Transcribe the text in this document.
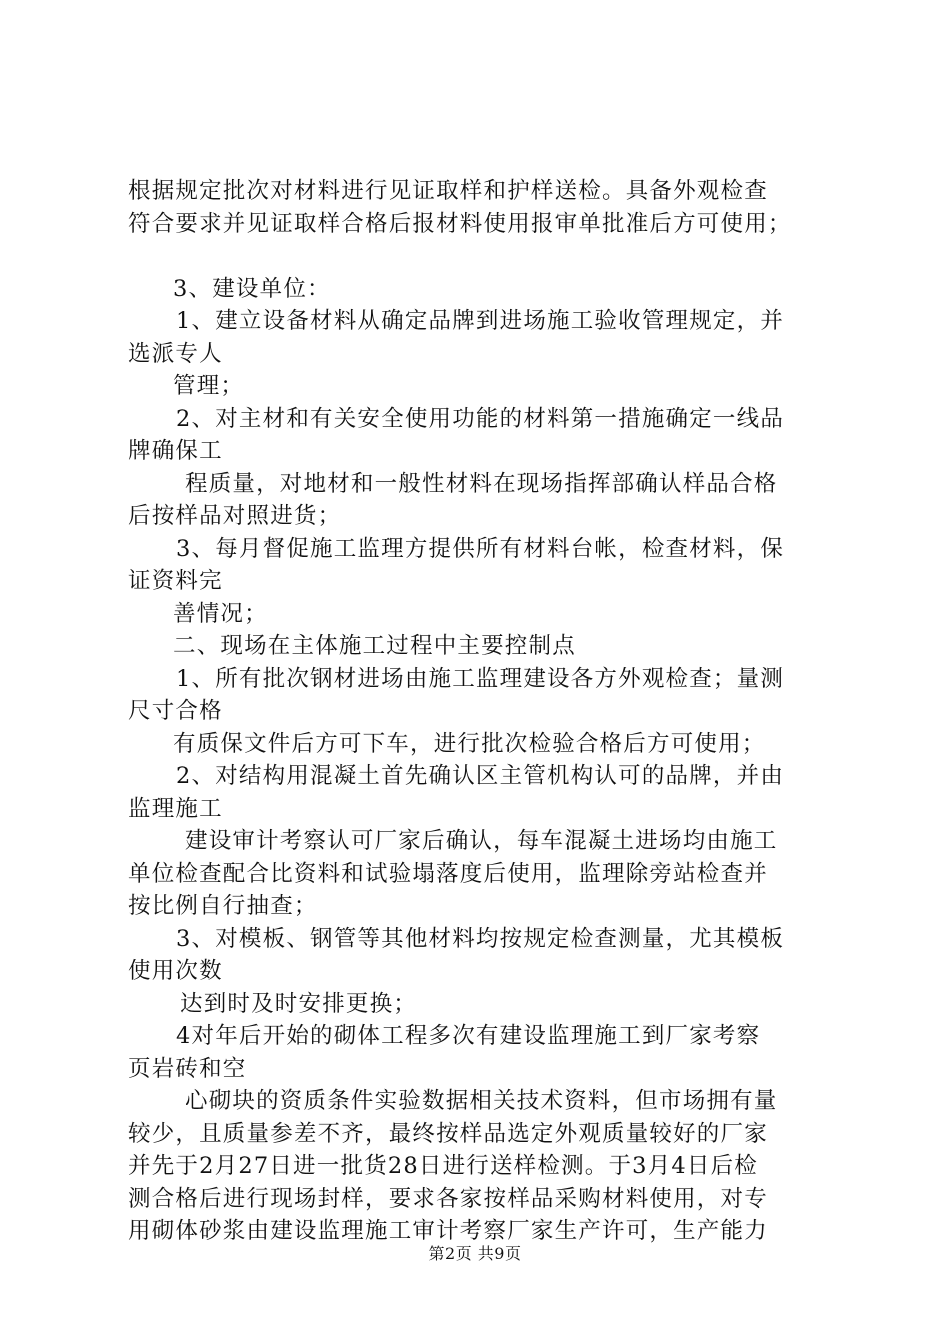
根据规定批次对材料进行见证取样和护样送检。具备外观检查
符合要求并见证取样合格后报材料使用报审单批准后方可使用；
3、建设单位：
1、建立设备材料从确定品牌到进场施工验收管理规定，并
选派专人
管理；
2、对主材和有关安全使用功能的材料第一措施确定一线品
牌确保工
程质量，对地材和一般性材料在现场指挥部确认样品合格
后按样品对照进货；
3、每月督促施工监理方提供所有材料台帐，检查材料，保
证资料完
善情况；
二、现场在主体施工过程中主要控制点
1、所有批次钢材进场由施工监理建设各方外观检查；量测
尺寸合格
有质保文件后方可下车，进行批次检验合格后方可使用；
2、对结构用混凝土首先确认区主管机构认可的品牌，并由
监理施工
建设审计考察认可厂家后确认，每车混凝土进场均由施工
单位检查配合比资料和试验塌落度后使用，监理除旁站检查并
按比例自行抽查；
3、对模板、钢管等其他材料均按规定检查测量，尤其模板
使用次数
达到时及时安排更换；
4对年后开始的砌体工程多次有建设监理施工到厂家考察
页岩砖和空
心砌块的资质条件实验数据相关技术资料，但市场拥有量
较少，且质量参差不齐，最终按样品选定外观质量较好的厂家
并先于2月27日进一批货28日进行送样检测。于3月4日后检
测合格后进行现场封样，要求各家按样品采购材料使用，对专
用砌体砂浆由建设监理施工审计考察厂家生产许可，生产能力
第2页 共9页
